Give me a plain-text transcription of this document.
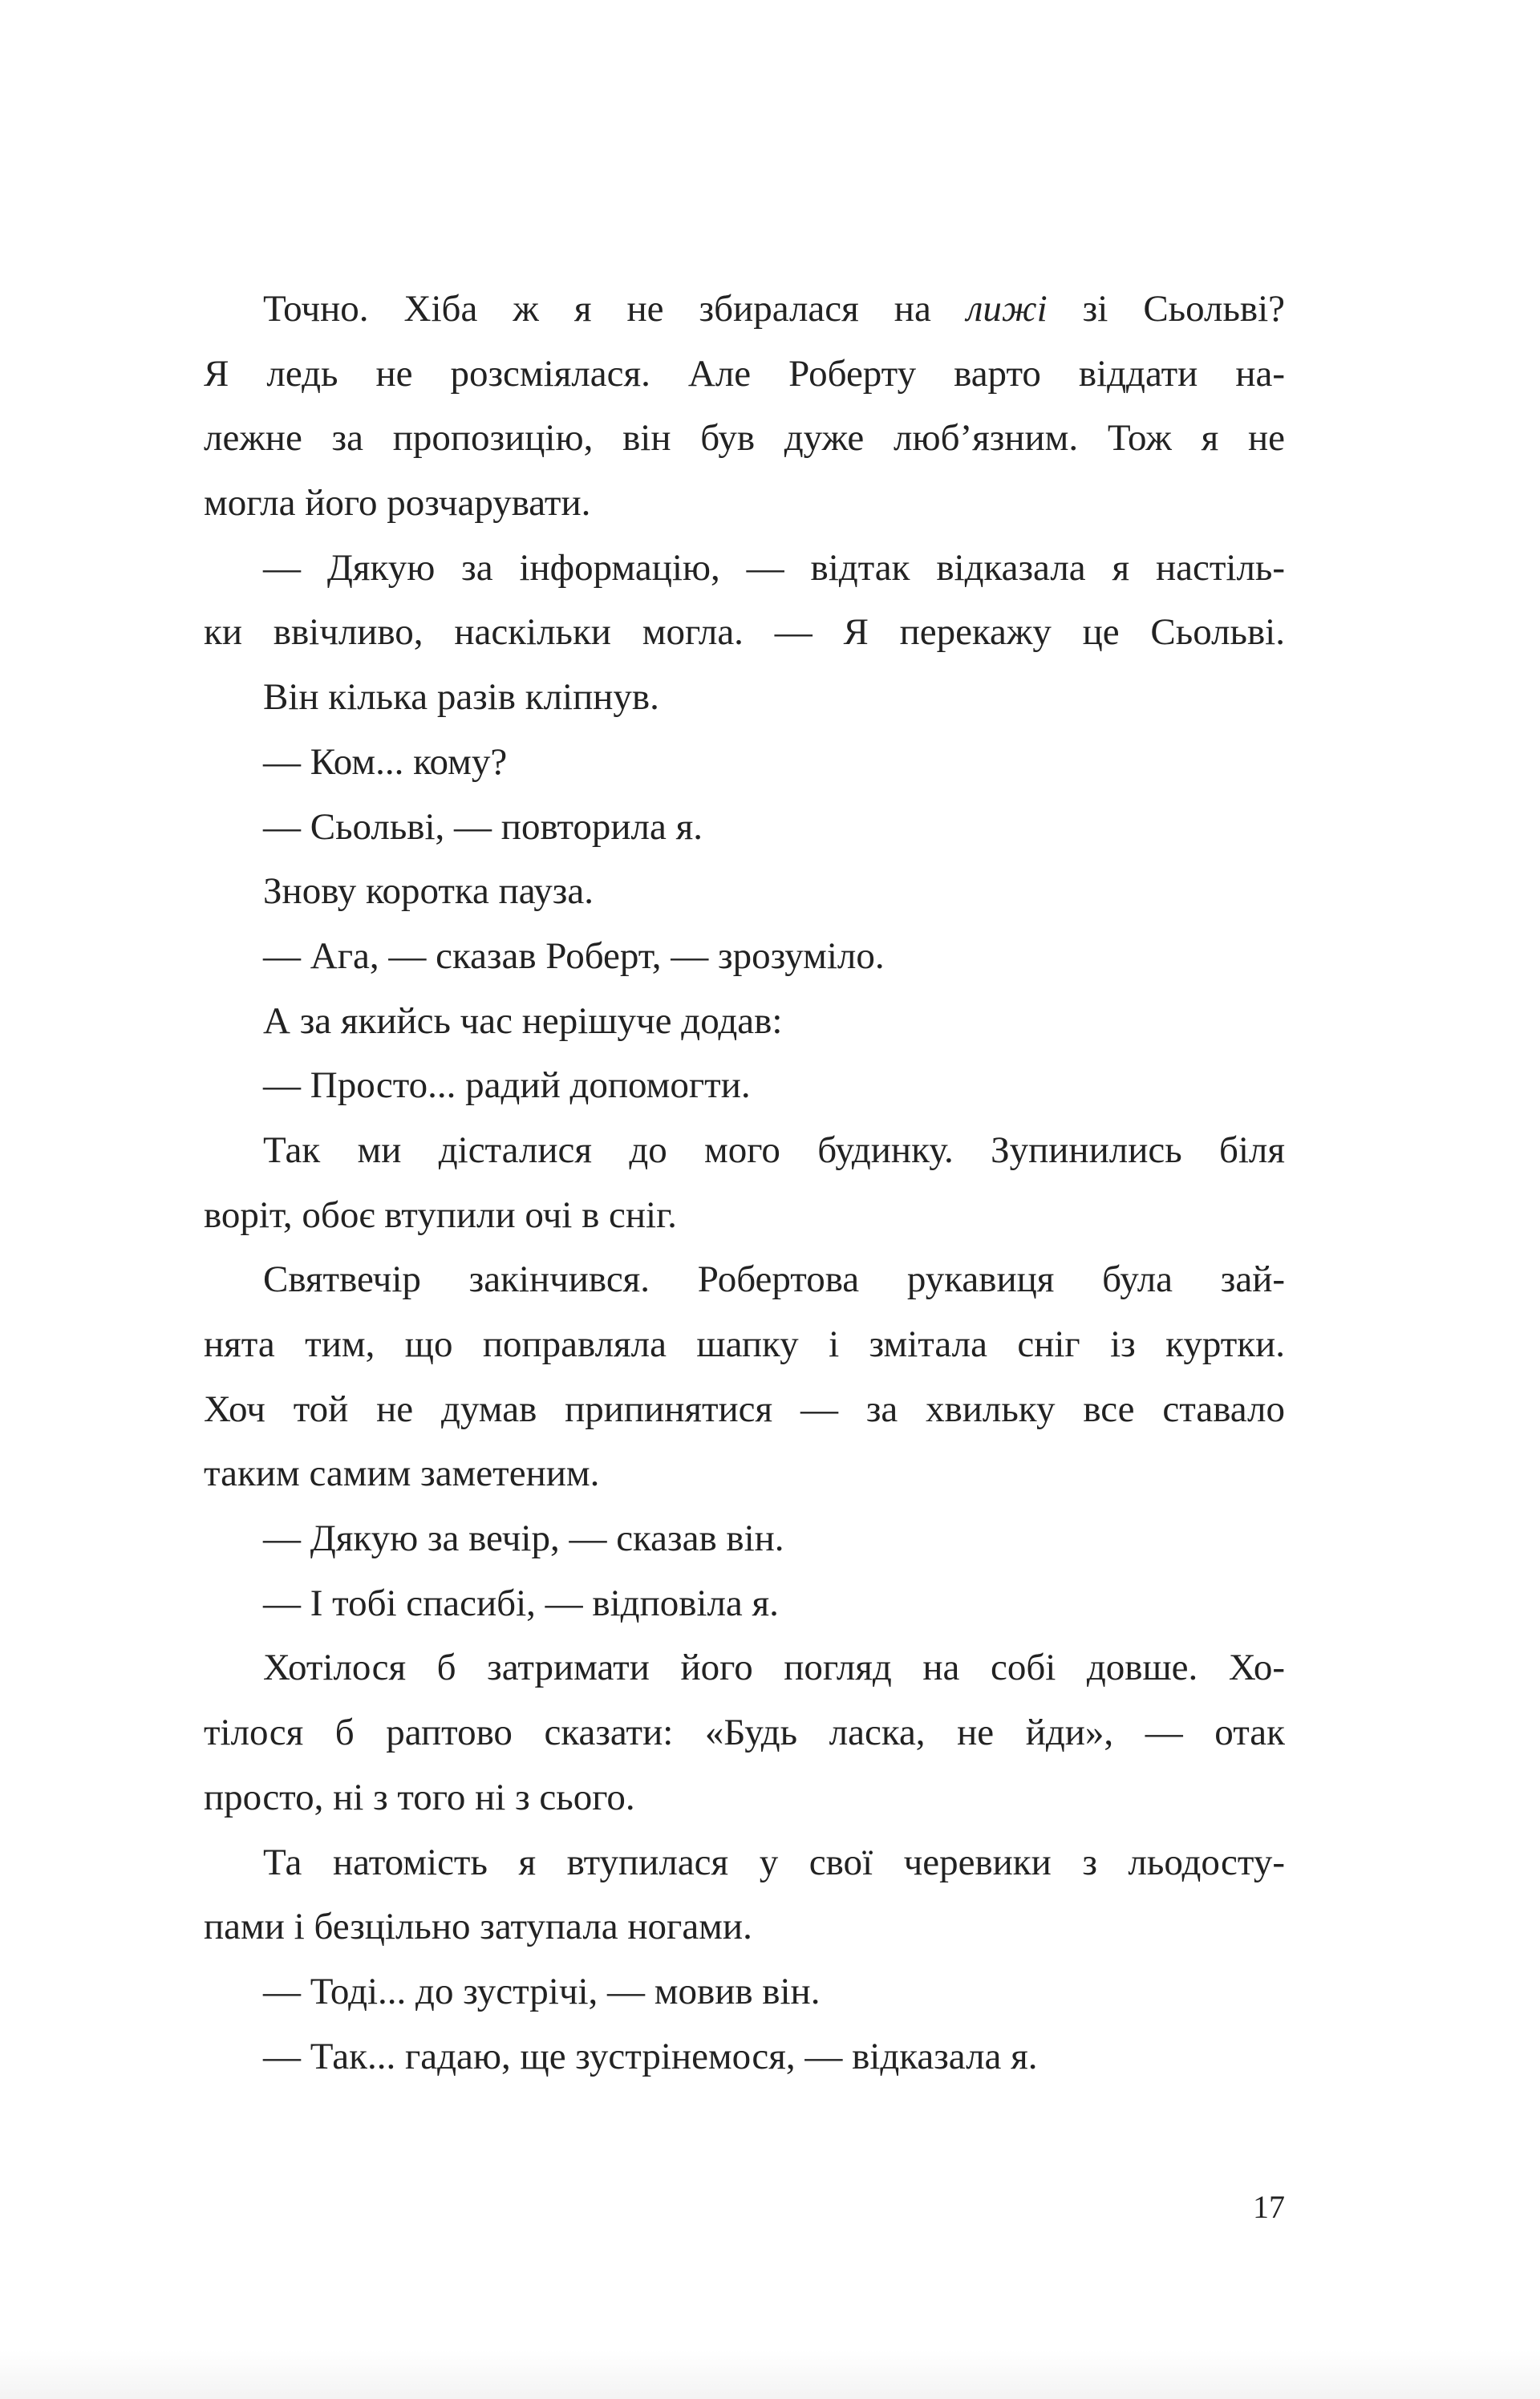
Точно. Хіба ж я не збиралася на лижі зі Сьольві?
Я ледь не розсміялася. Але Роберту варто віддати на-
лежне за пропозицію, він був дуже люб’язним. Тож я не
могла його розчарувати.
— Дякую за інформацію, — відтак відказала я настіль-
ки ввічливо, наскільки могла. — Я перекажу це Сьольві.
Він кілька разів кліпнув.
— Ком... кому?
— Сьольві, — повторила я.
Знову коротка пауза.
— Ага, — сказав Роберт, — зрозуміло.
А за якийсь час нерішуче додав:
— Просто... радий допомогти.
Так ми дісталися до мого будинку. Зупинились біля
воріт, обоє втупили очі в сніг.
Святвечір закінчився. Робертова рукавиця була зай-
нята тим, що поправляла шапку і змітала сніг із куртки.
Хоч той не думав припинятися — за хвильку все ставало
таким самим заметеним.
— Дякую за вечір, — сказав він.
— І тобі спасибі, — відповіла я.
Хотілося б затримати його погляд на собі довше. Хо-
тілося б раптово сказати: «Будь ласка, не йди», — отак
просто, ні з того ні з сього.
Та натомість я втупилася у свої черевики з льодосту-
пами і безцільно затупала ногами.
— Тоді... до зустрічі, — мовив він.
— Так... гадаю, ще зустрінемося, — відказала я.
17
